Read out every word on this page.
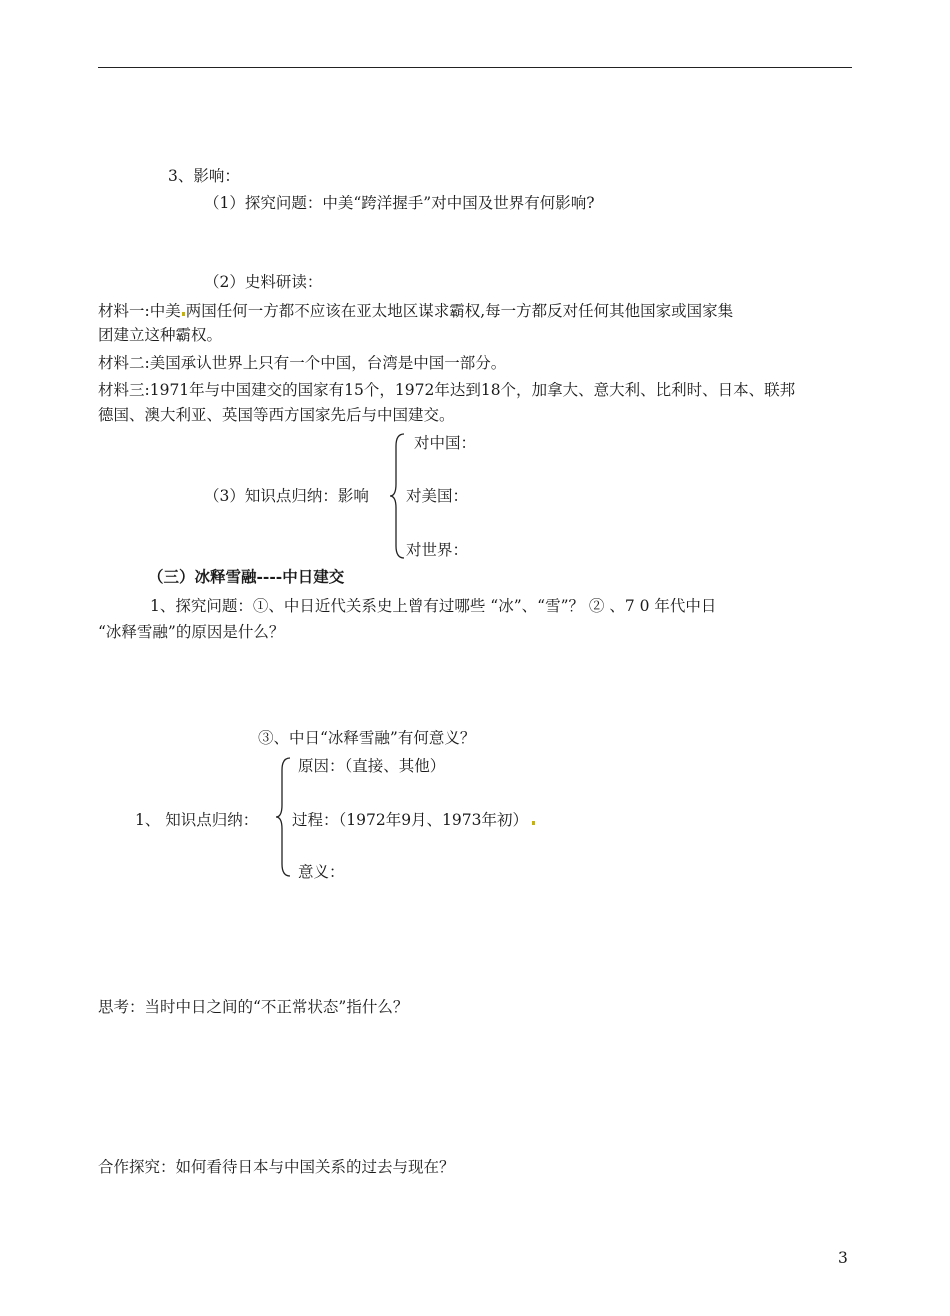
3、影响：
（1）探究问题：中美“跨洋握手”对中国及世界有何影响?
（2）史料研读：
材料一:中美 两国任何一方都不应该在亚太地区谋求霸权,每一方都反对任何其他国家或国家集
团建立这种霸权。
材料二:美国承认世界上只有一个中国，台湾是中国一部分。
材料三:1971年与中国建交的国家有15个，1972年达到18个，加拿大、意大利、比利时、日本、联邦
德国、澳大利亚、英国等西方国家先后与中国建交。
（3）知识点归纳：影响
对中国：
对美国：
对世界：
（三）冰释雪融----中日建交
1、探究问题：①、中日近代关系史上曾有过哪些 “冰”、“雪”？ ② 、7 0 年代中日
“冰释雪融”的原因是什么？
③、中日“冰释雪融”有何意义？
1、 知识点归纳：
原因：（直接、其他）
过程：（1972年9月、1973年初）
意义：
思考：当时中日之间的“不正常状态”指什么？
合作探究：如何看待日本与中国关系的过去与现在？
3
